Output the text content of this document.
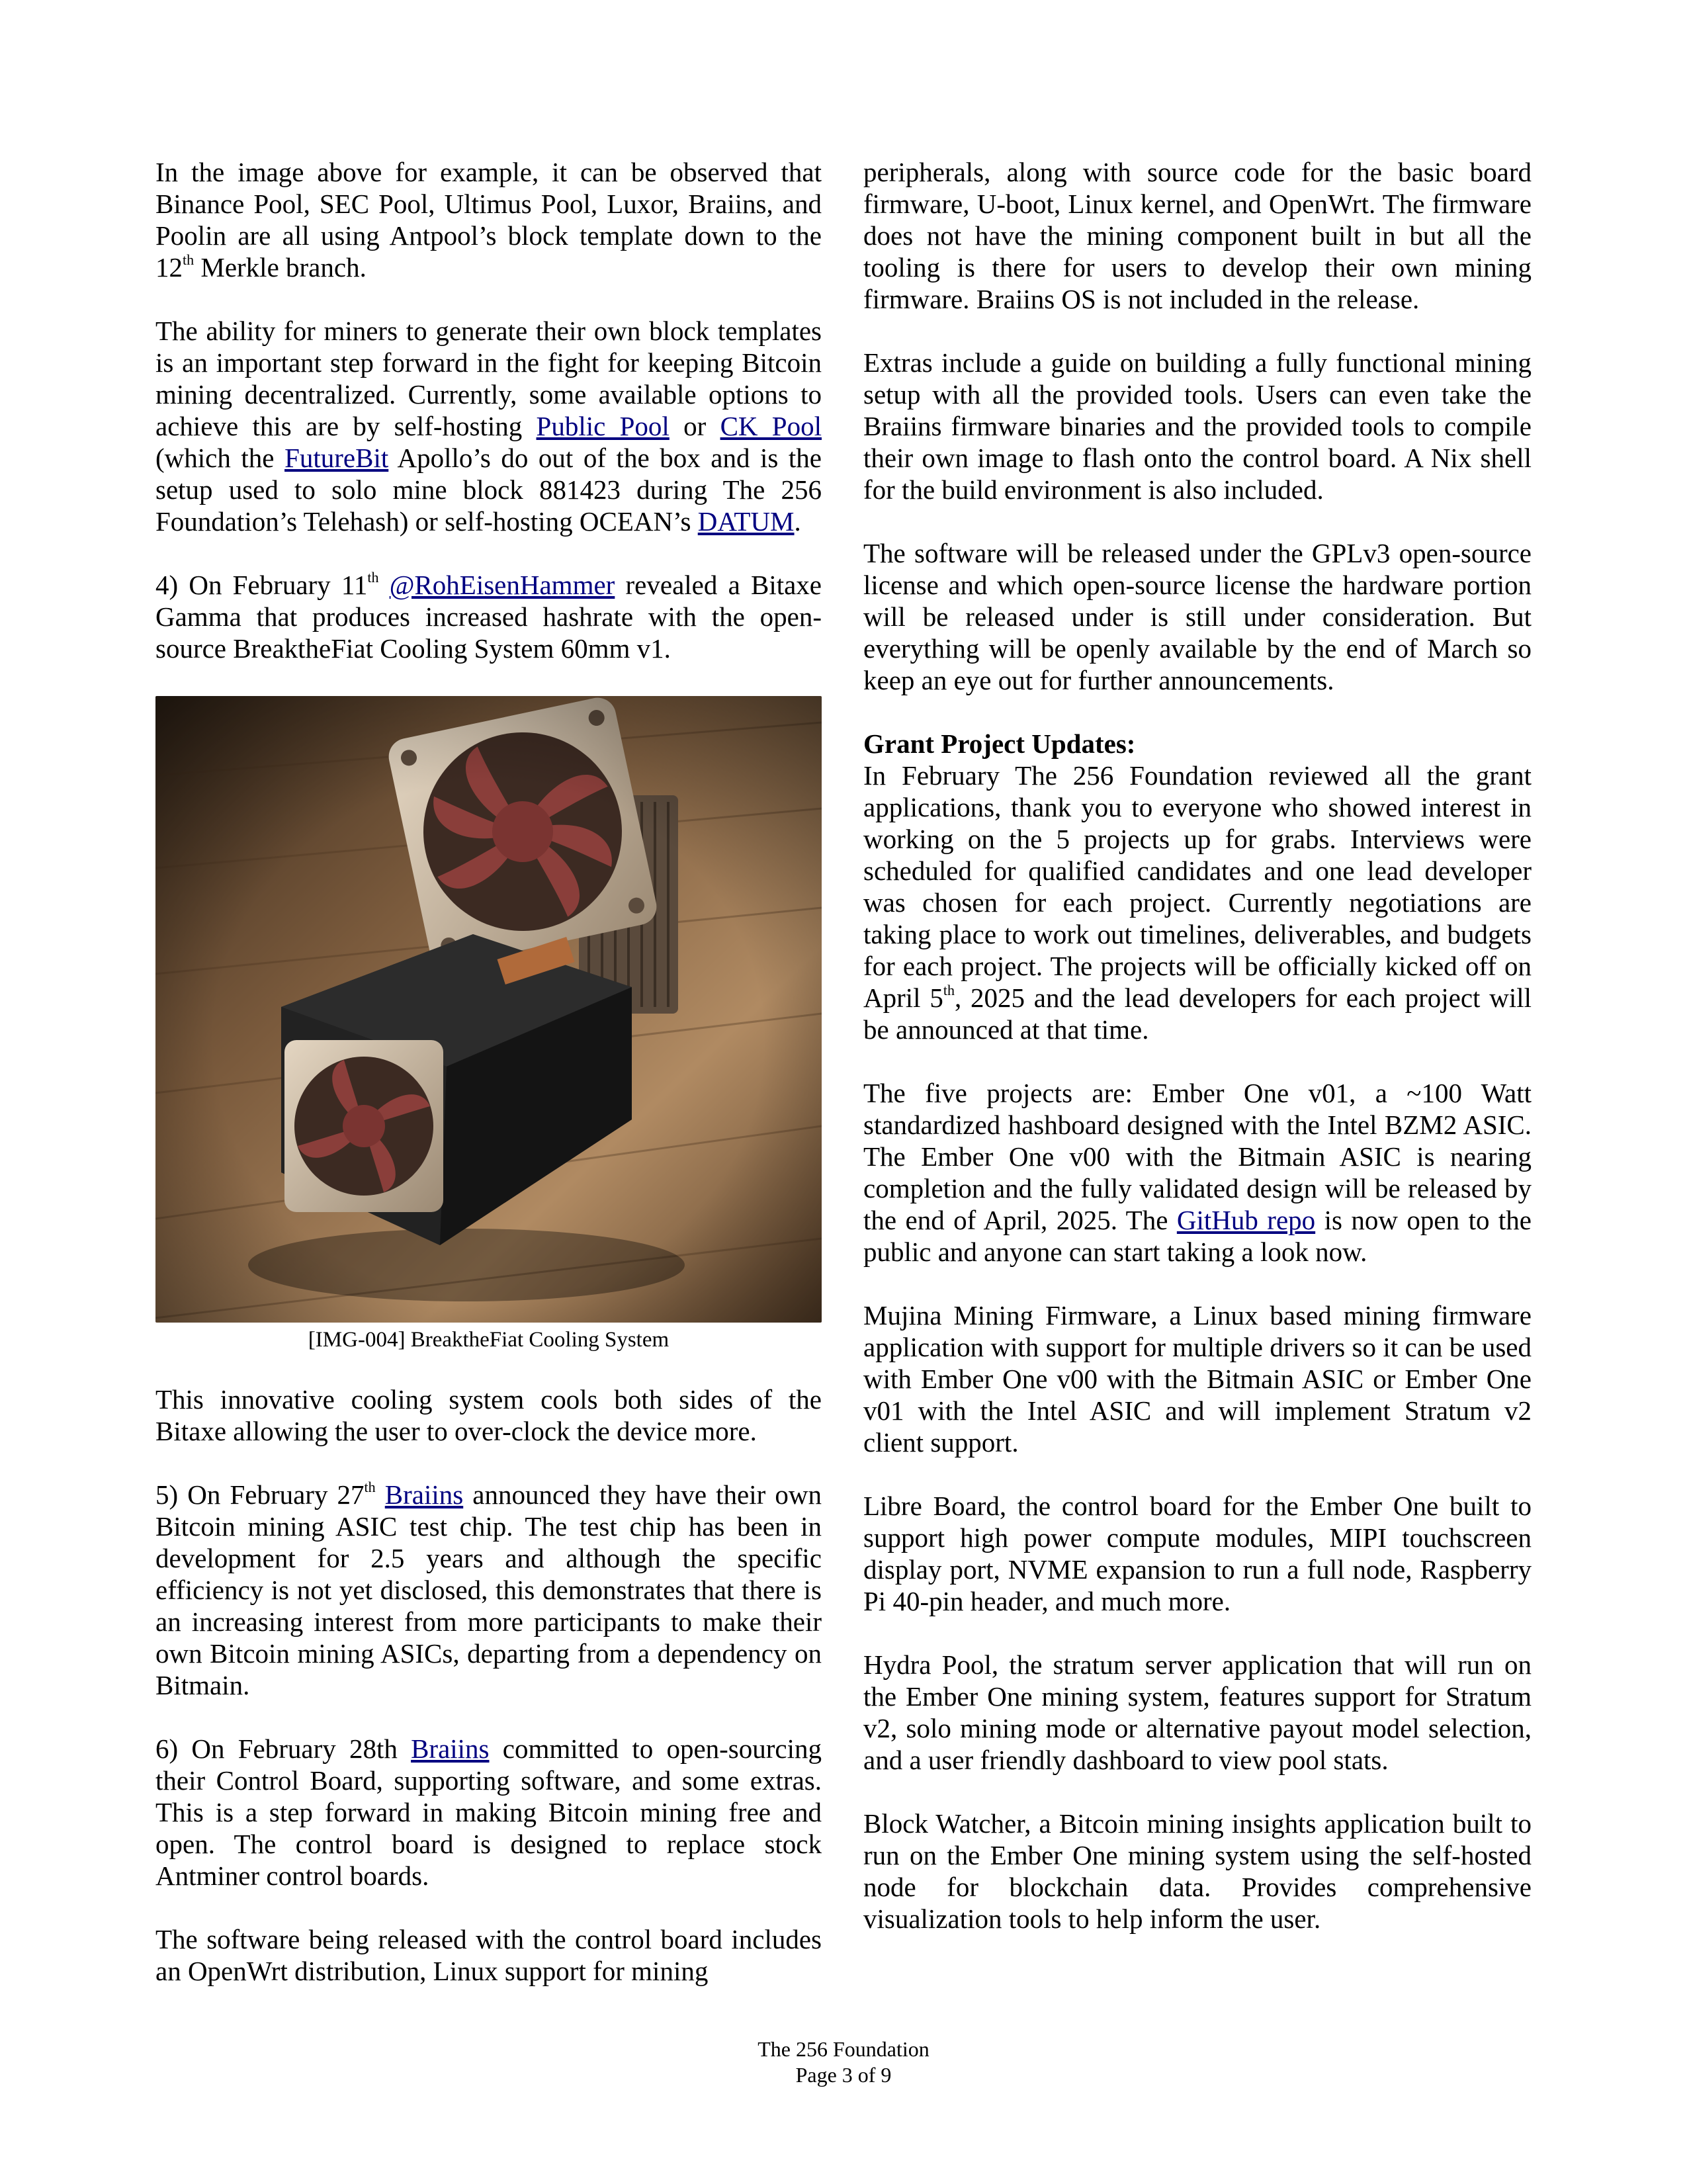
In the image above for example, it can be observed that Binance Pool, SEC Pool, Ultimus Pool, Luxor, Braiins, and Poolin are all using Antpool’s block template down to the 12th Merkle branch.

The ability for miners to generate their own block templates is an important step forward in the fight for keeping Bitcoin mining decentralized. Currently, some available options to achieve this are by self-hosting Public Pool or CK Pool (which the FutureBit Apollo’s do out of the box and is the setup used to solo mine block 881423 during The 256 Foundation’s Telehash) or self-hosting OCEAN’s DATUM.

4) On February 11th @RohEisenHammer revealed a Bitaxe Gamma that produces increased hashrate with the open-source BreaktheFiat Cooling System 60mm v1.

[IMG-004] BreaktheFiat Cooling System

This innovative cooling system cools both sides of the Bitaxe allowing the user to over-clock the device more.

5) On February 27th Braiins announced they have their own Bitcoin mining ASIC test chip. The test chip has been in development for 2.5 years and although the specific efficiency is not yet disclosed, this demonstrates that there is an increasing interest from more participants to make their own Bitcoin mining ASICs, departing from a dependency on Bitmain.

6) On February 28th Braiins committed to open-sourcing their Control Board, supporting software, and some extras. This is a step forward in making Bitcoin mining free and open. The control board is designed to replace stock Antminer control boards.

The software being released with the control board includes an OpenWrt distribution, Linux support for mining

peripherals, along with source code for the basic board firmware, U-boot, Linux kernel, and OpenWrt. The firmware does not have the mining component built in but all the tooling is there for users to develop their own mining firmware. Braiins OS is not included in the release.

Extras include a guide on building a fully functional mining setup with all the provided tools. Users can even take the Braiins firmware binaries and the provided tools to compile their own image to flash onto the control board. A Nix shell for the build environment is also included.

The software will be released under the GPLv3 open-source license and which open-source license the hardware portion will be released under is still under consideration. But everything will be openly available by the end of March so keep an eye out for further announcements.

Grant Project Updates:

In February The 256 Foundation reviewed all the grant applications, thank you to everyone who showed interest in working on the 5 projects up for grabs. Interviews were scheduled for qualified candidates and one lead developer was chosen for each project. Currently negotiations are taking place to work out timelines, deliverables, and budgets for each project. The projects will be officially kicked off on April 5th, 2025 and the lead developers for each project will be announced at that time.

The five projects are: Ember One v01, a ~100 Watt standardized hashboard designed with the Intel BZM2 ASIC. The Ember One v00 with the Bitmain ASIC is nearing completion and the fully validated design will be released by the end of April, 2025. The GitHub repo is now open to the public and anyone can start taking a look now.

Mujina Mining Firmware, a Linux based mining firmware application with support for multiple drivers so it can be used with Ember One v00 with the Bitmain ASIC or Ember One v01 with the Intel ASIC and will implement Stratum v2 client support.

Libre Board, the control board for the Ember One built to support high power compute modules, MIPI touchscreen display port, NVME expansion to run a full node, Raspberry Pi 40-pin header, and much more.

Hydra Pool, the stratum server application that will run on the Ember One mining system, features support for Stratum v2, solo mining mode or alternative payout model selection, and a user friendly dashboard to view pool stats.

Block Watcher, a Bitcoin mining insights application built to run on the Ember One mining system using the self-hosted node for blockchain data. Provides comprehensive visualization tools to help inform the user.

The 256 Foundation
Page 3 of 9
